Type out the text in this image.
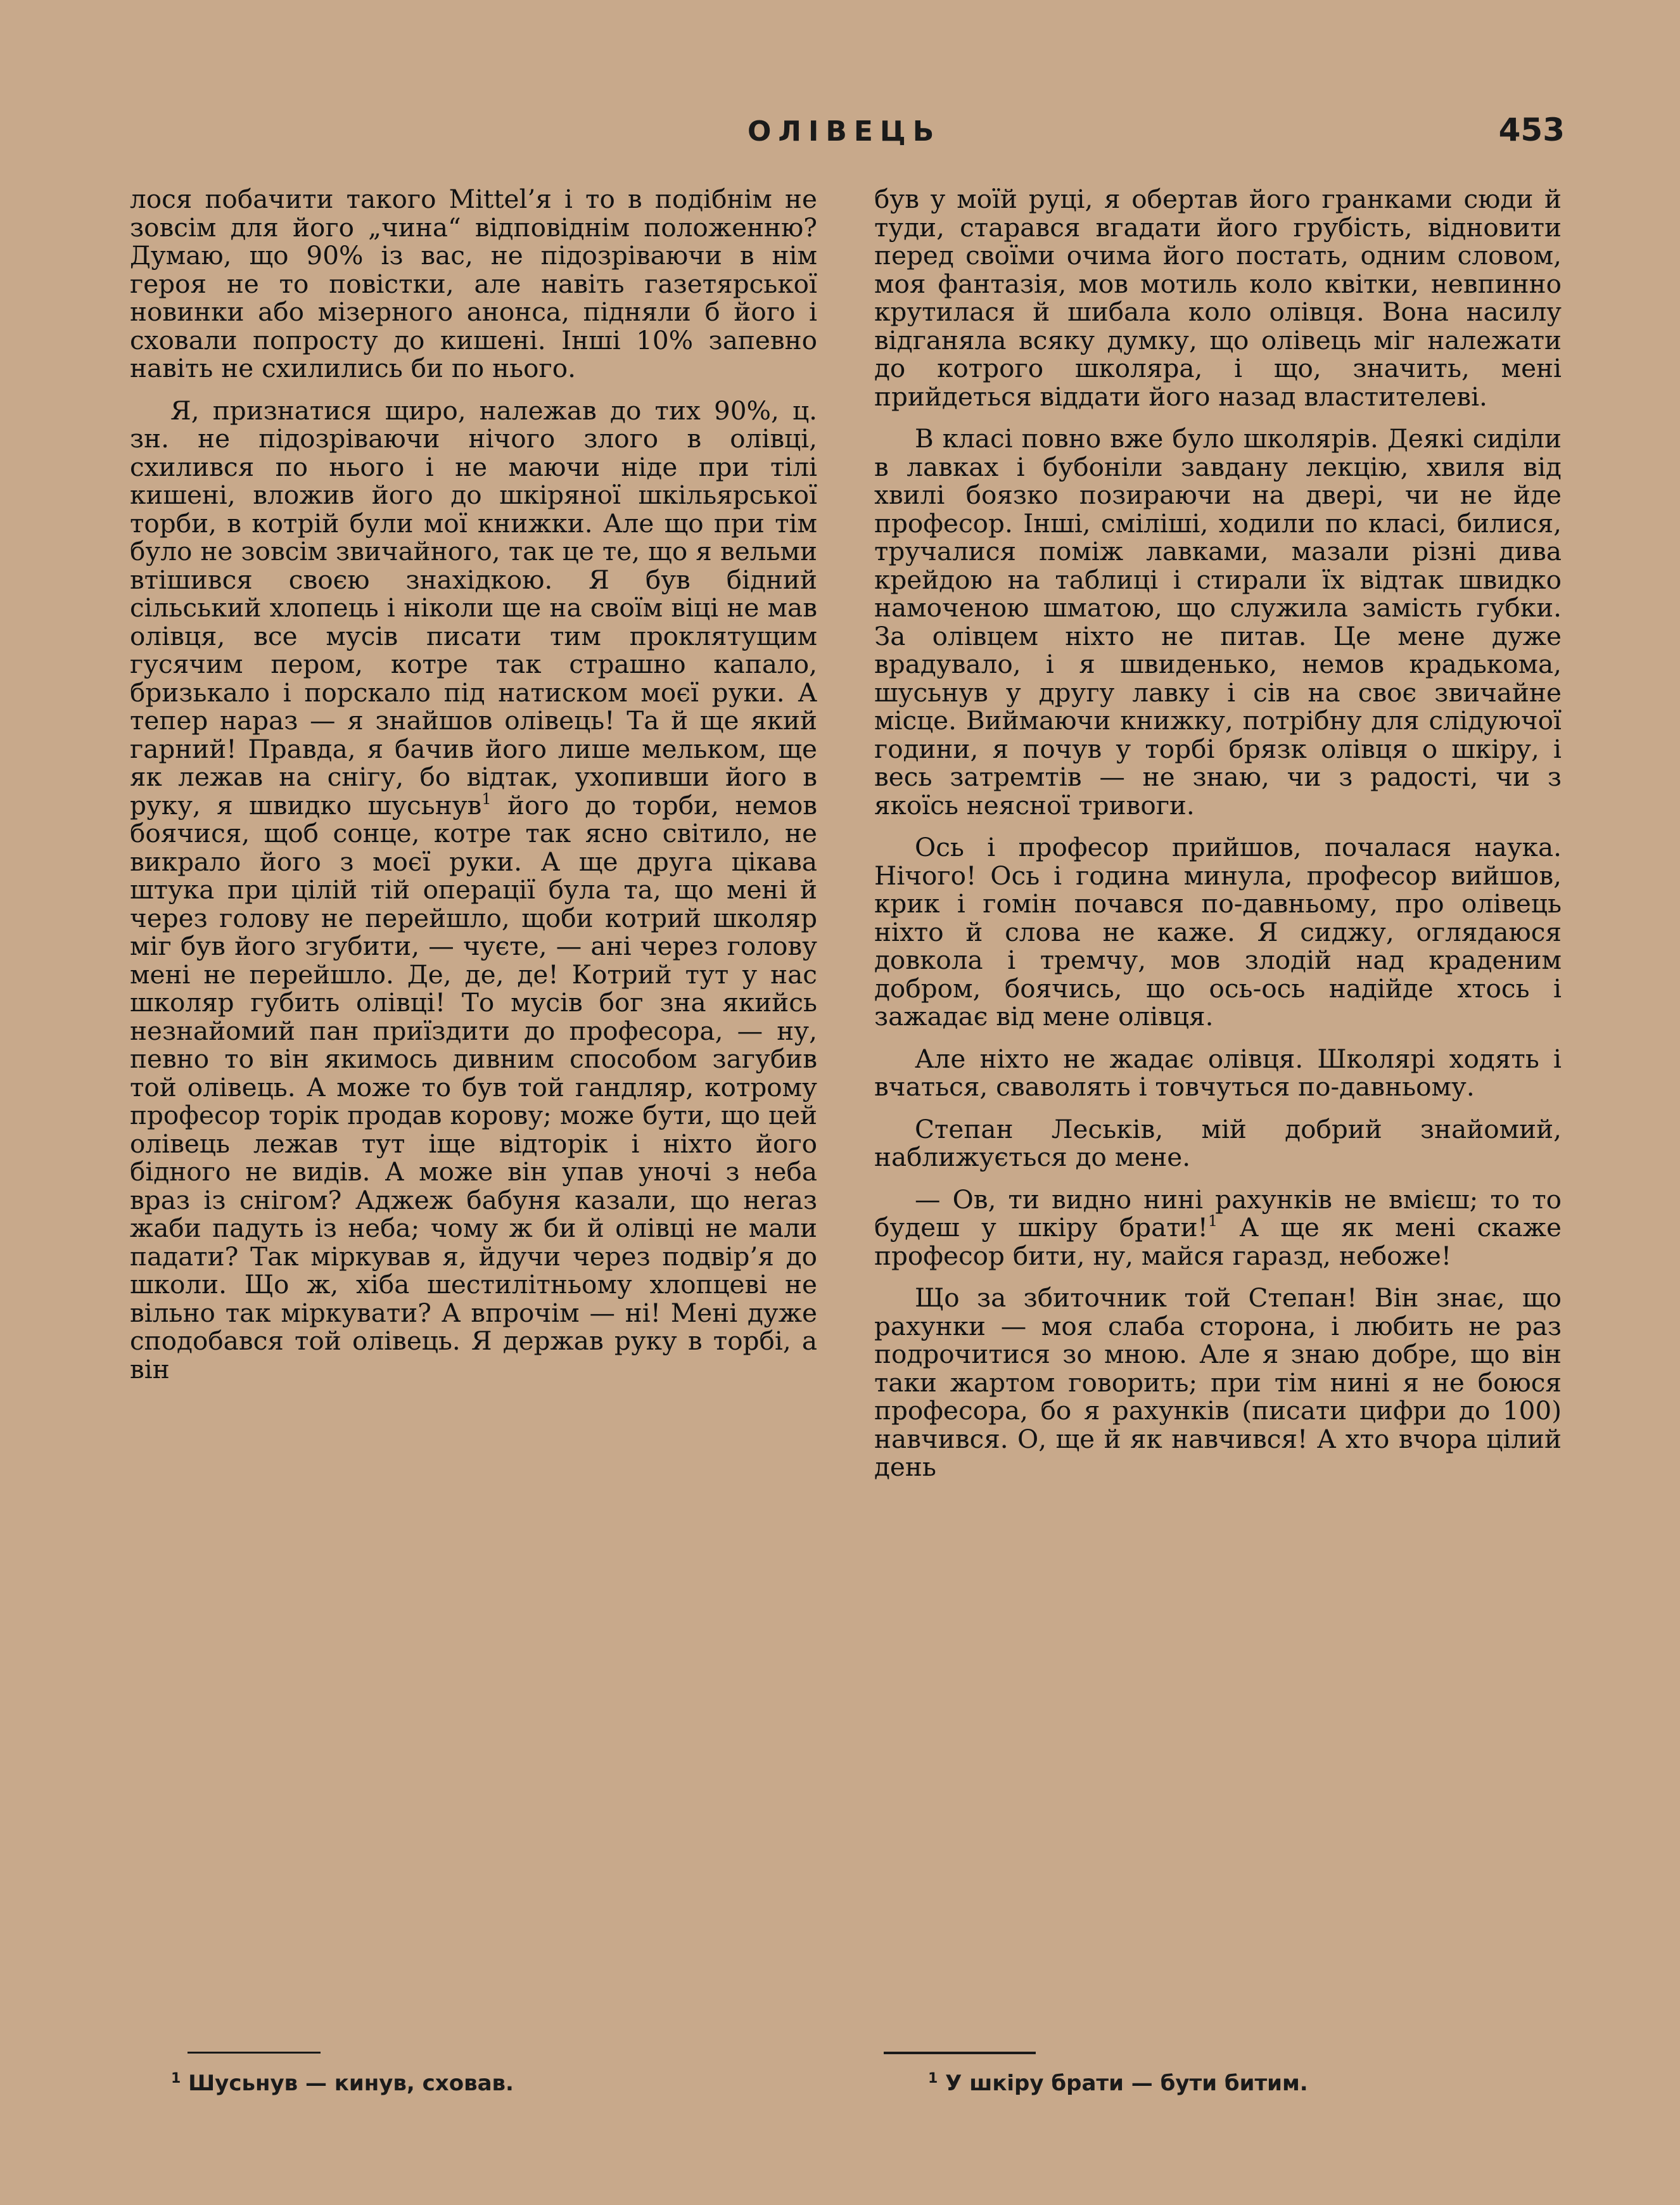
ОЛІВЕЦЬ	453

лося побачити такого Mittel’я і то в подібнім не зовсім для його „чина“ відповіднім положенню? Думаю, що 90% із вас, не підозріваючи в нім героя не то повістки, але навіть газетярської новинки або мізерного анонса, підняли б його і сховали попросту до кишені. Інші 10% запевно навіть не схилились би по нього.

Я, признатися щиро, належав до тих 90%, ц. зн. не підозріваючи нічого злого в олівці, схилився по нього і не маючи ніде при тілі кишені, вложив його до шкіряної шкільярської торби, в котрій були мої книжки. Але що при тім було не зовсім звичайного, так це те, що я вельми втішився своєю знахідкою. Я був бідний сільський хлопець і ніколи ще на своїм віці не мав олівця, все мусів писати тим проклятущим гусячим пером, котре так страшно капало, бризькало і порскало під натиском моєї руки. А тепер нараз — я знайшов олівець! Та й ще який гарний! Правда, я бачив його лише мельком, ще як лежав на снігу, бо відтак, ухопивши його в руку, я швидко шусьнув$^1$ його до торби, немов боячися, щоб сонце, котре так ясно світило, не викрало його з моєї руки. А ще друга цікава штука при цілій тій операції була та, що мені й через голову не перейшло, щоби котрий школяр міг був його згубити, — чуєте, — ані через голову мені не перейшло. Де, де, де! Котрий тут у нас школяр губить олівці! То мусів бог зна якийсь незнайомий пан приїздити до професора, — ну, певно то він якимось дивним способом загубив той олівець. А може то був той гандляр, котрому професор торік продав корову; може бути, що цей олівець лежав тут іще відторік і ніхто його бідного не видів. А може він упав уночі з неба враз із снігом? Аджеж бабуня казали, що неraз жаби падуть із неба; чому ж би й олівці не мали падати? Так міркував я, йдучи через подвір’я до школи. Що ж, хіба шестилітньому хлопцеві не вільно так міркувати? А впрочім — ні! Мені дуже сподобався той олівець. Я держав руку в торбі, а він

був у моїй руці, я обертав його гранками сюди й туди, старався вгадати його грубість, відновити перед своїми очима його постать, одним словом, моя фантазія, мов мотиль коло квітки, невпинно крутилася й шибала коло олівця. Вона насилу відганяла всяку думку, що олівець міг належати до котрого школяра, і що, значить, мені прийдеться віддати його назад властителеві.

В класі повно вже було школярів. Деякі сиділи в лавках і бубоніли завдану лекцію, хвиля від хвилі боязко позираючи на двері, чи не йде професор. Інші, сміліші, ходили по класі, билися, тручалися поміж лавками, мазали різні дива крейдою на таблиці і стирали їх відтак швидко намоченою шматою, що служила замість губки. За олівцем ніхто не питав. Це мене дуже врадувало, і я швиденько, немов крадькома, шусьнув у другу лавку і сів на своє звичайне місце. Виймаючи книжку, потрібну для слідуючої години, я почув у торбі брязк олівця о шкіру, і весь затремтів — не знаю, чи з радості, чи з якоїсь неясної тривоги.

Ось і професор прийшов, почалася наука. Нічого! Ось і година минула, професор вийшов, крик і гомін почався по-давньому, про олівець ніхто й слова не каже. Я сиджу, оглядаюся довкола і тремчу, мов злодій над краденим добром, боячись, що ось-ось надійде хтось і зажадає від мене олівця.

Але ніхто не жадає олівця. Школярі ходять і вчаться, сваволять і товчуться по-давньому.

Степан Леськів, мій добрий знайомий, наближується до мене.

— Ов, ти видно нині рахунків не вмієш; то то будеш у шкіру брати!$^1$ А ще як мені скаже професор бити, ну, майся гаразд, небоже!

Що за збиточник той Степан! Він знає, що рахунки — моя слаба сторона, і любить не раз подрочитися зо мною. Але я знаю добре, що він таки жартом говорить; при тім нині я не боюся професора, бо я рахунків (писати цифри до 100) навчився. О, ще й як навчився! А хто вчора цілий день

$^1$ Шусьнув — кинув, сховав.	$^1$ У шкіру брати — бути битим.
